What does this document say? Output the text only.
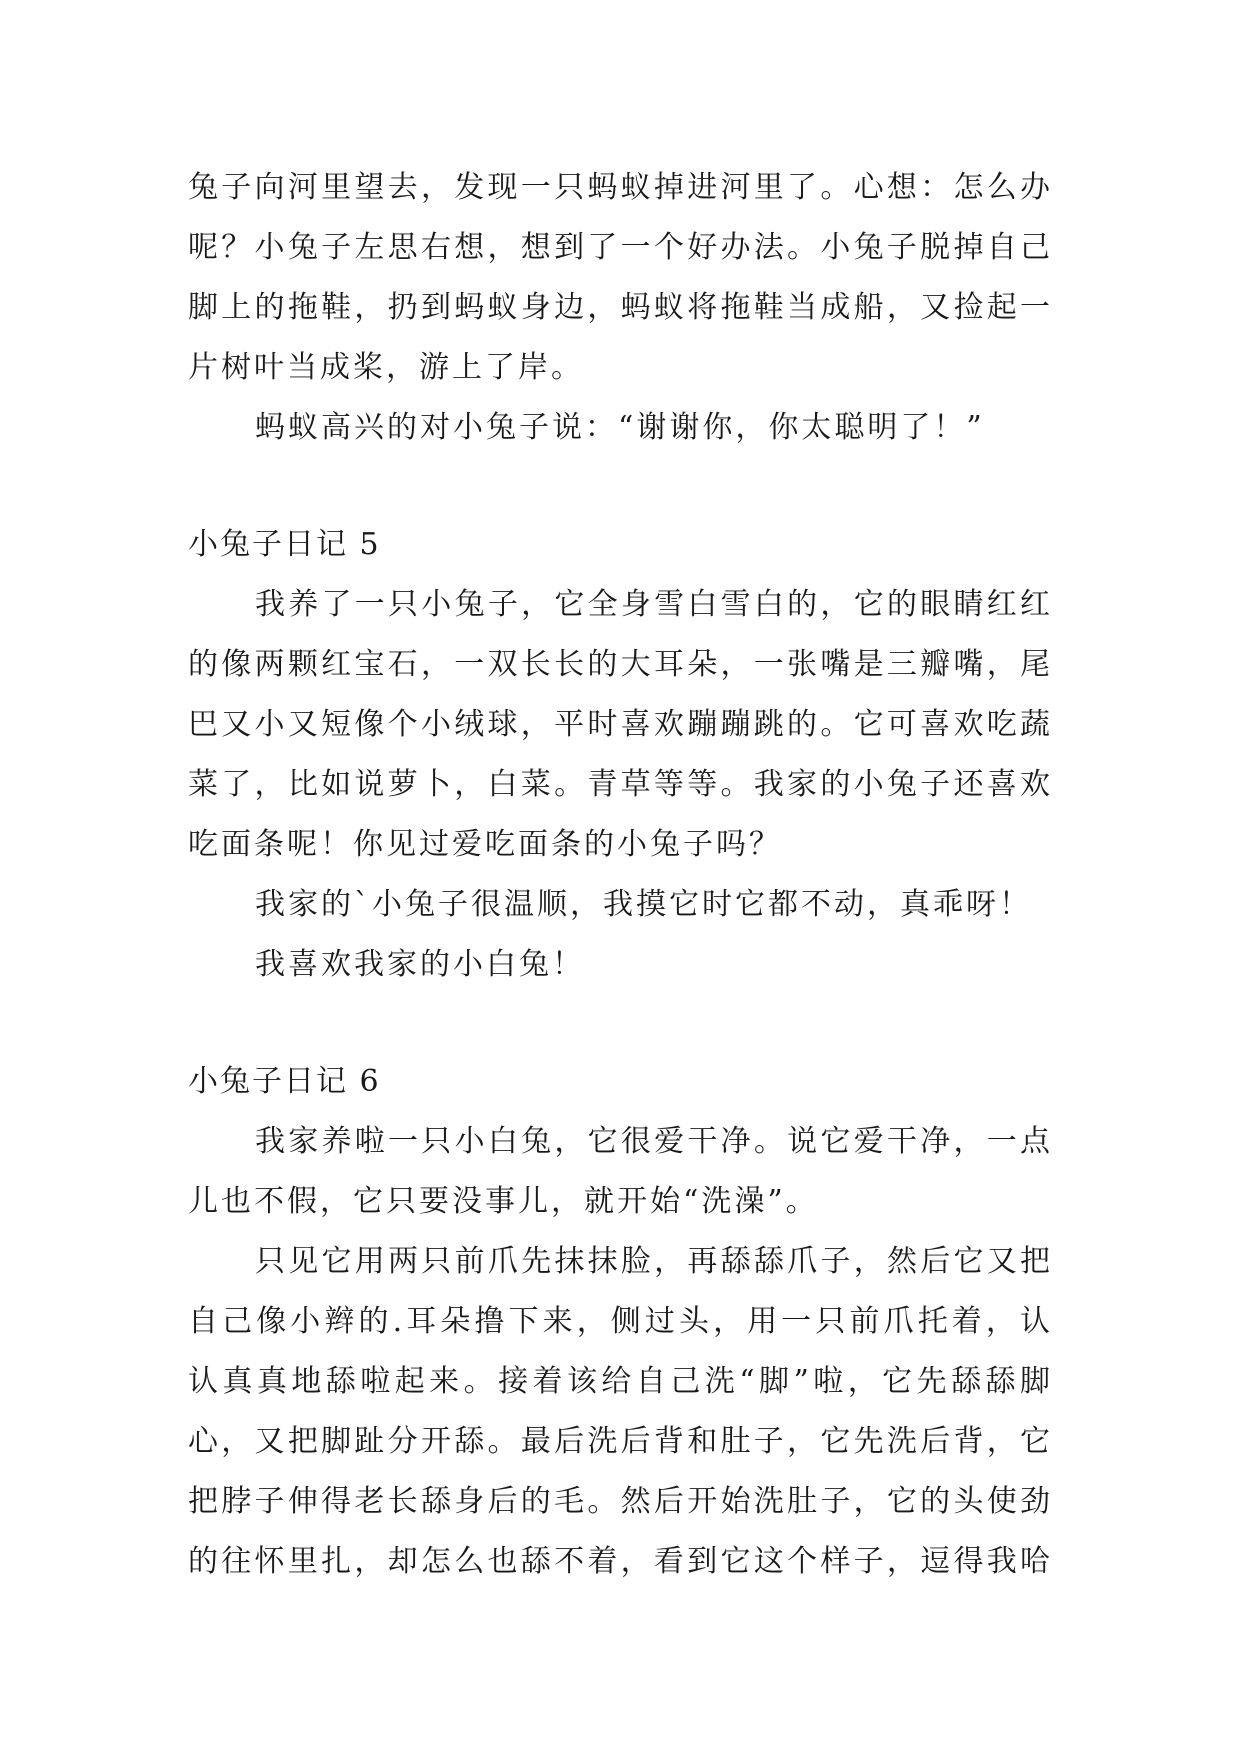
兔子向河里望去，发现一只蚂蚁掉进河里了。心想：怎么办
呢？小兔子左思右想，想到了一个好办法。小兔子脱掉自己
脚上的拖鞋，扔到蚂蚁身边，蚂蚁将拖鞋当成船，又捡起一
片树叶当成桨，游上了岸。
蚂蚁高兴的对小兔子说：“谢谢你，你太聪明了！”
小兔子日记 5
我养了一只小兔子，它全身雪白雪白的，它的眼睛红红
的像两颗红宝石，一双长长的大耳朵，一张嘴是三瓣嘴，尾
巴又小又短像个小绒球，平时喜欢蹦蹦跳的。它可喜欢吃蔬
菜了，比如说萝卜，白菜。青草等等。我家的小兔子还喜欢
吃面条呢！你见过爱吃面条的小兔子吗？
我家的`小兔子很温顺，我摸它时它都不动，真乖呀！
我喜欢我家的小白兔！
小兔子日记 6
我家养啦一只小白兔，它很爱干净。说它爱干净，一点
儿也不假，它只要没事儿，就开始“洗澡”。
只见它用两只前爪先抹抹脸，再舔舔爪子，然后它又把
自己像小辫的.耳朵撸下来，侧过头，用一只前爪托着，认
认真真地舔啦起来。接着该给自己洗“脚”啦，它先舔舔脚
心，又把脚趾分开舔。最后洗后背和肚子，它先洗后背，它
把脖子伸得老长舔身后的毛。然后开始洗肚子，它的头使劲
的往怀里扎，却怎么也舔不着，看到它这个样子，逗得我哈
